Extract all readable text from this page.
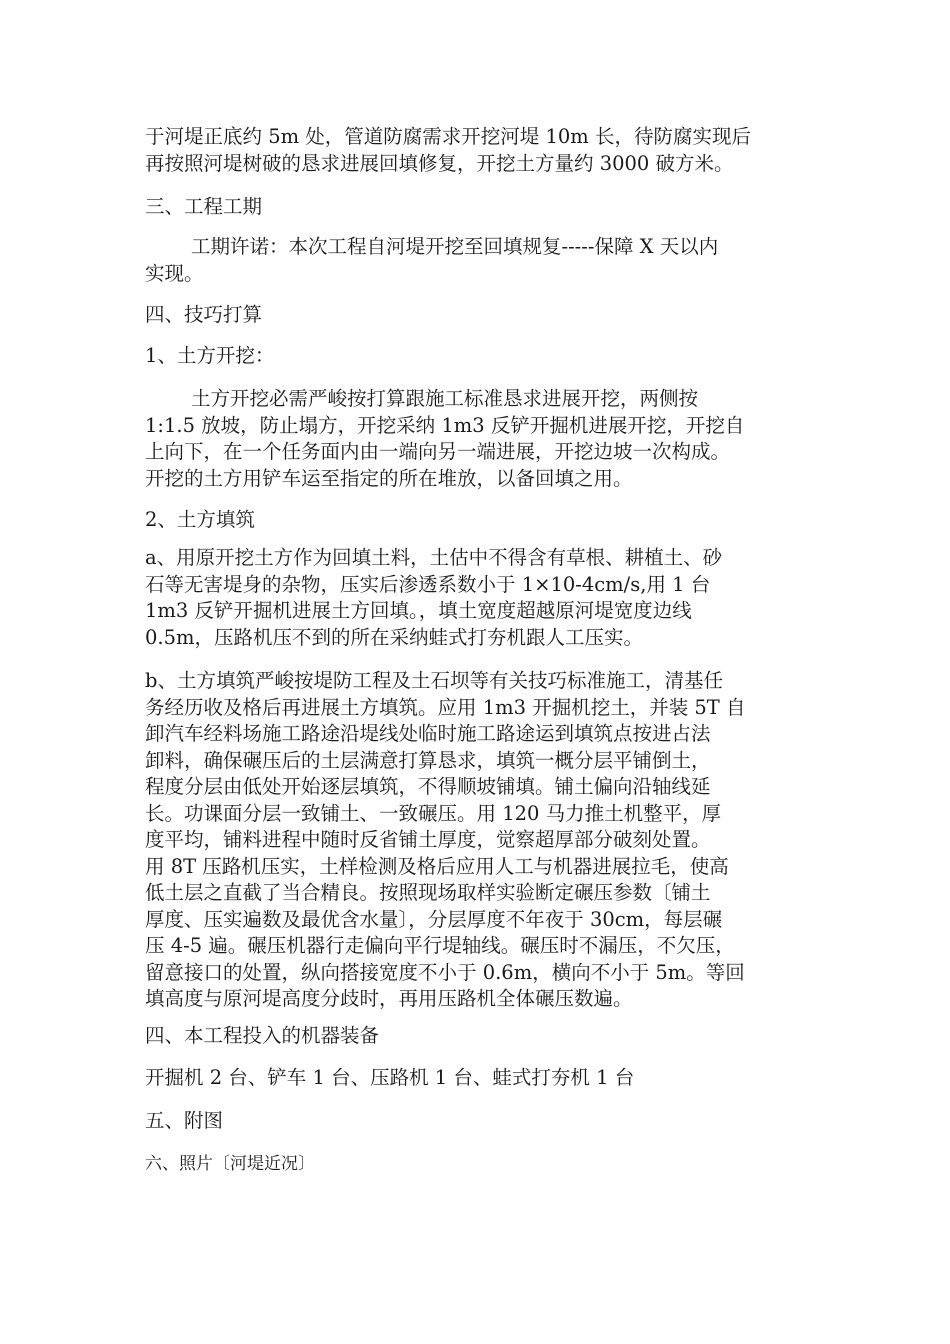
于河堤正底约 5m 处，管道防腐需求开挖河堤 10m 长，待防腐实现后
再按照河堤树破的恳求进展回填修复，开挖土方量约 3000 破方米。

三、工程工期

工期许诺：本次工程自河堤开挖至回填规复-----保障 X 天以内
实现。

四、技巧打算

1、土方开挖：

土方开挖必需严峻按打算跟施工标准恳求进展开挖，两侧按
1:1.5 放坡，防止塌方，开挖采纳 1m3 反铲开掘机进展开挖，开挖自
上向下，在一个任务面内由一端向另一端进展，开挖边坡一次构成。
开挖的土方用铲车运至指定的所在堆放，以备回填之用。

2、土方填筑

a、用原开挖土方作为回填土料，土估中不得含有草根、耕植土、砂
石等无害堤身的杂物，压实后渗透系数小于 1×10-4cm/s,用 1 台
1m3 反铲开掘机进展土方回填。，填土宽度超越原河堤宽度边线
0.5m，压路机压不到的所在采纳蛙式打夯机跟人工压实。

b、土方填筑严峻按堤防工程及土石坝等有关技巧标准施工，清基任
务经历收及格后再进展土方填筑。应用 1m3 开掘机挖土，并装 5T 自
卸汽车经料场施工路途沿堤线处临时施工路途运到填筑点按进占法
卸料，确保碾压后的土层满意打算恳求，填筑一概分层平铺倒土，
程度分层由低处开始逐层填筑，不得顺坡铺填。铺土偏向沿轴线延
长。功课面分层一致铺土、一致碾压。用 120 马力推土机整平，厚
度平均，铺料进程中随时反省铺土厚度，觉察超厚部分破刻处置。
用 8T 压路机压实，土样检测及格后应用人工与机器进展拉毛，使高
低土层之直截了当合精良。按照现场取样实验断定碾压参数〔铺土
厚度、压实遍数及最优含水量〕，分层厚度不年夜于 30cm，每层碾
压 4-5 遍。碾压机器行走偏向平行堤轴线。碾压时不漏压，不欠压，
留意接口的处置，纵向搭接宽度不小于 0.6m，横向不小于 5m。等回
填高度与原河堤高度分歧时，再用压路机全体碾压数遍。

四、本工程投入的机器装备

开掘机 2 台、铲车 1 台、压路机 1 台、蛙式打夯机 1 台

五、附图

六、照片〔河堤近况〕
